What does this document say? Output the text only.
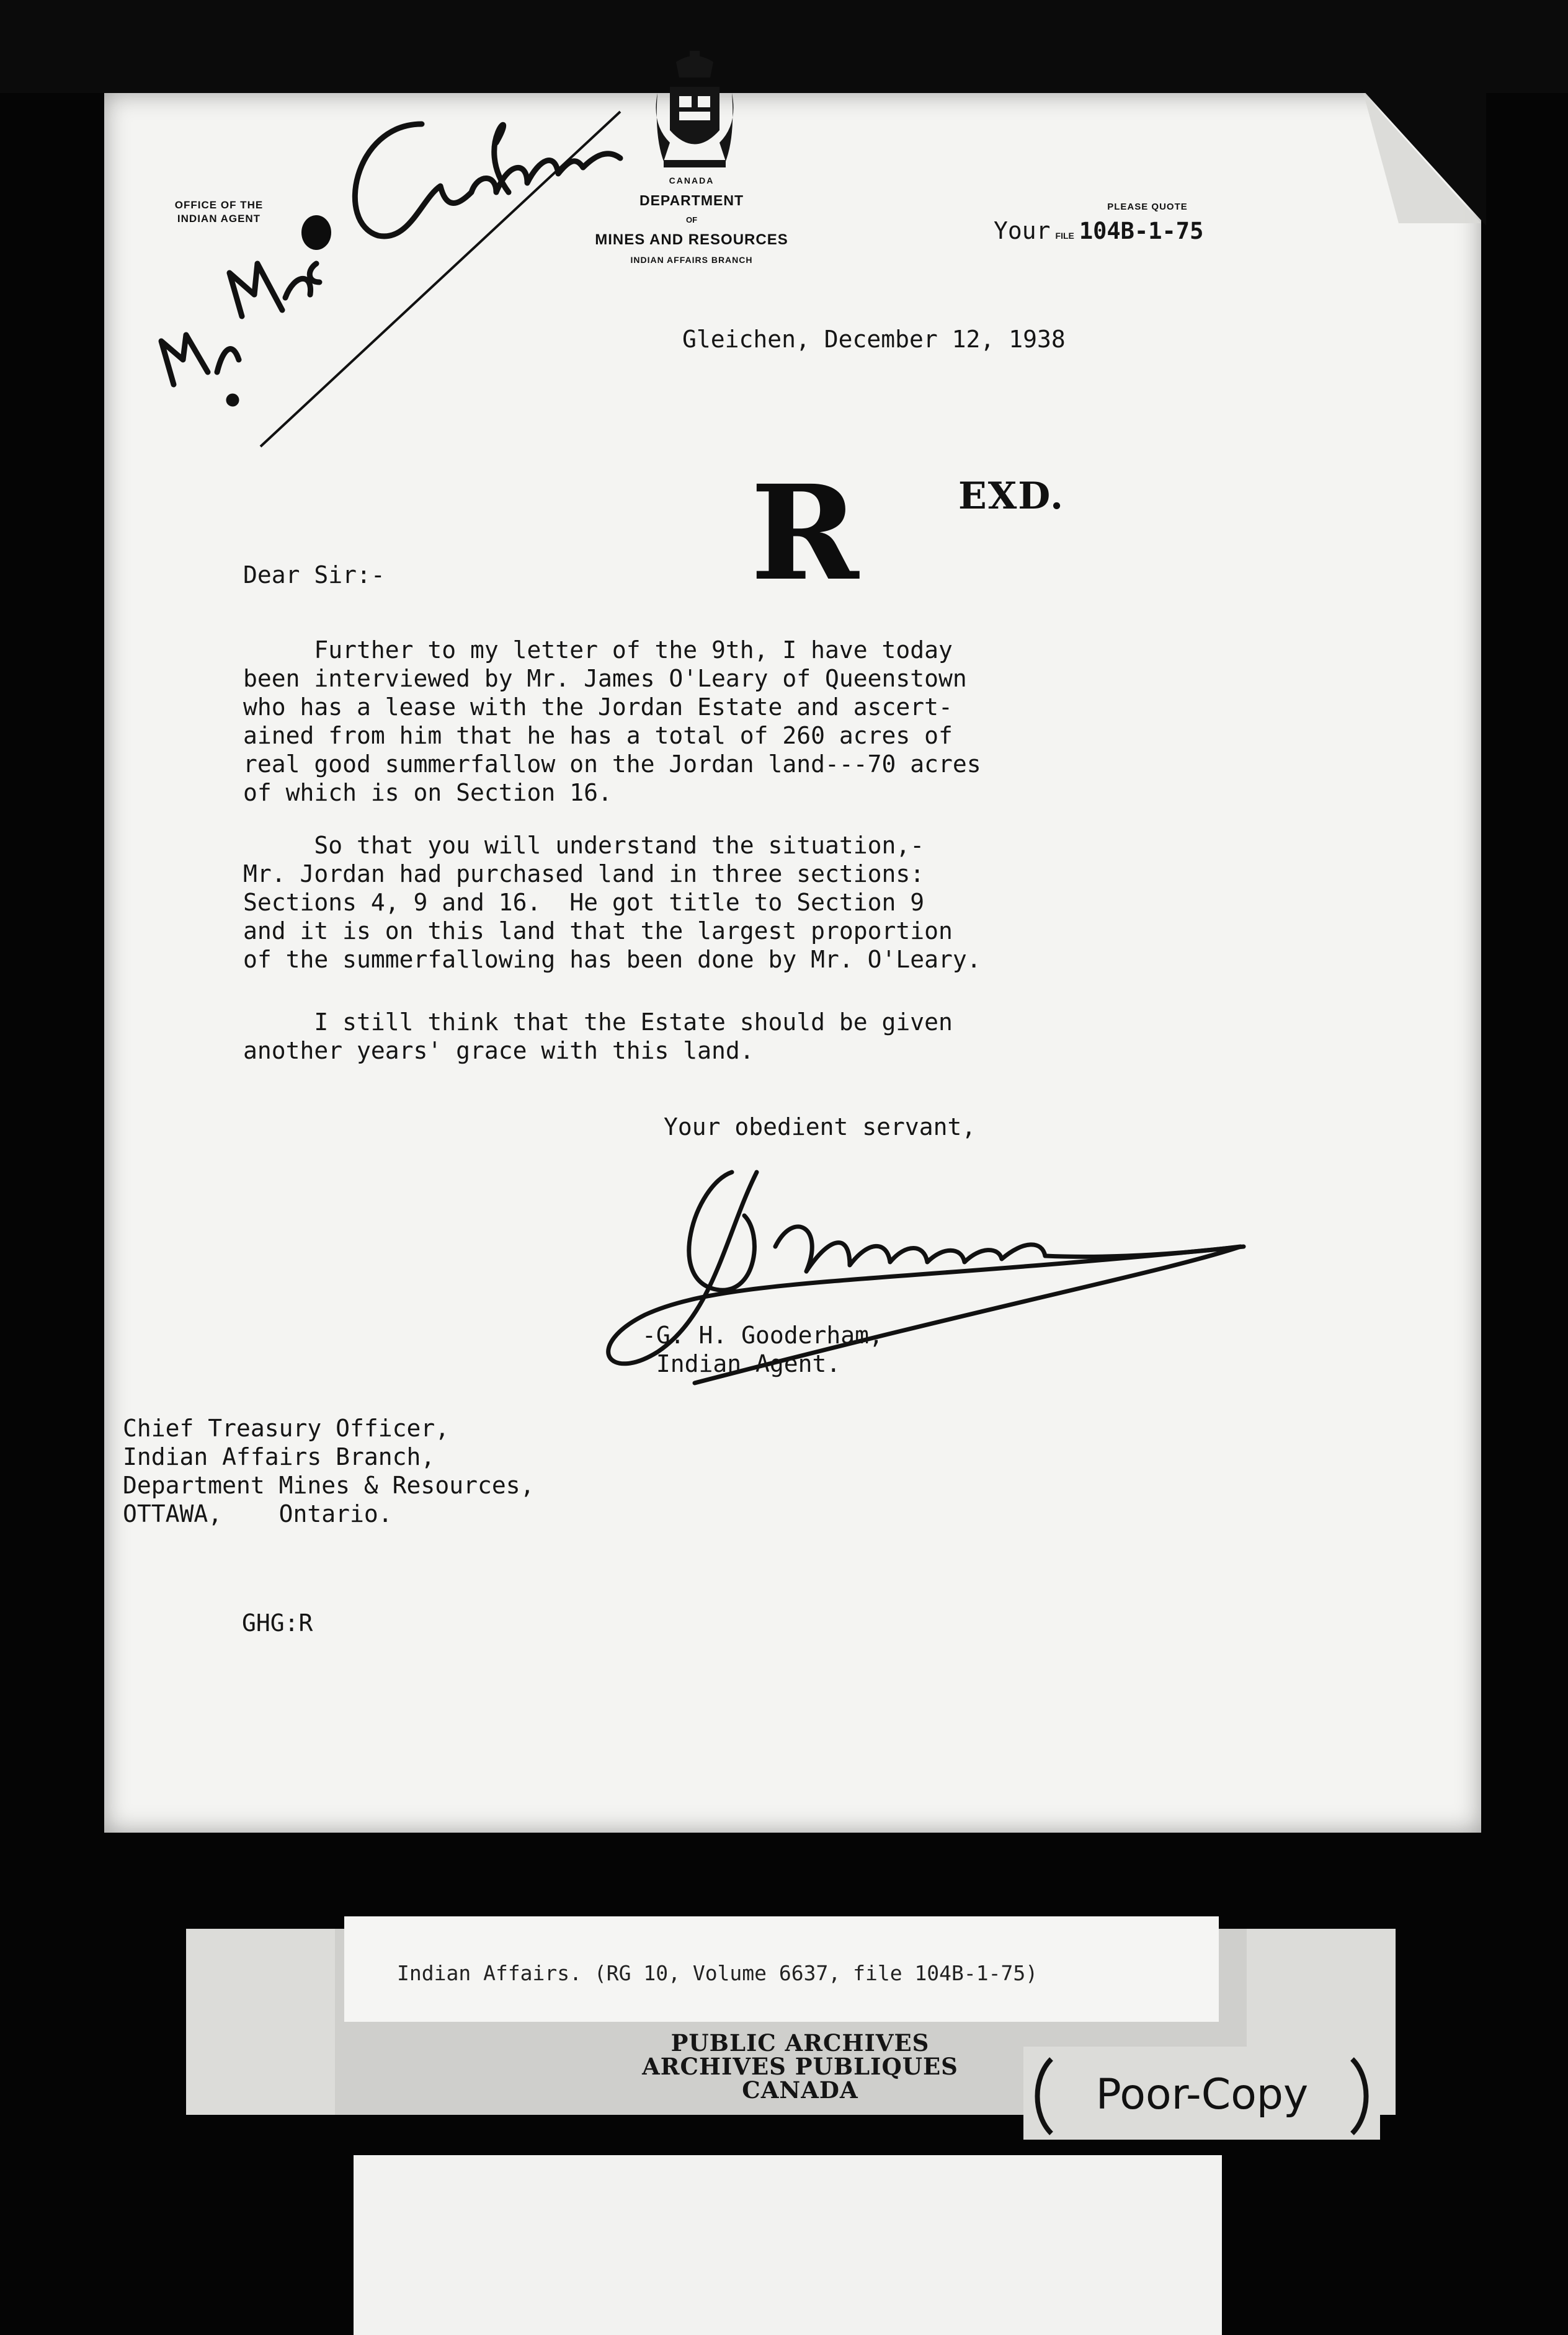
OFFICE OF THE
INDIAN AGENT
CANADA
DEPARTMENT
OF
MINES AND RESOURCES
INDIAN AFFAIRS BRANCH
PLEASE QUOTE
Your FILE 104B-1-75
Gleichen, December 12, 1938
R	EXD.
Dear Sir:-
Further to my letter of the 9th, I have today
been interviewed by Mr. James O'Leary of Queenstown
who has a lease with the Jordan Estate and ascert-
ained from him that he has a total of 260 acres of
real good summerfallow on the Jordan land---70 acres
of which is on Section 16.
So that you will understand the situation,-
Mr. Jordan had purchased land in three sections:
Sections 4, 9 and 16.  He got title to Section 9
and it is on this land that the largest proportion
of the summerfallowing has been done by Mr. O'Leary.
I still think that the Estate should be given
another years' grace with this land.
Your obedient servant,
-G. H. Gooderham,
Indian Agent.
Chief Treasury Officer,
Indian Affairs Branch,
Department Mines & Resources,
OTTAWA,    Ontario.
GHG:R
Indian Affairs. (RG 10, Volume 6637, file 104B-1-75)
PUBLIC ARCHIVES
ARCHIVES PUBLIQUES
CANADA	Poor-Copy
